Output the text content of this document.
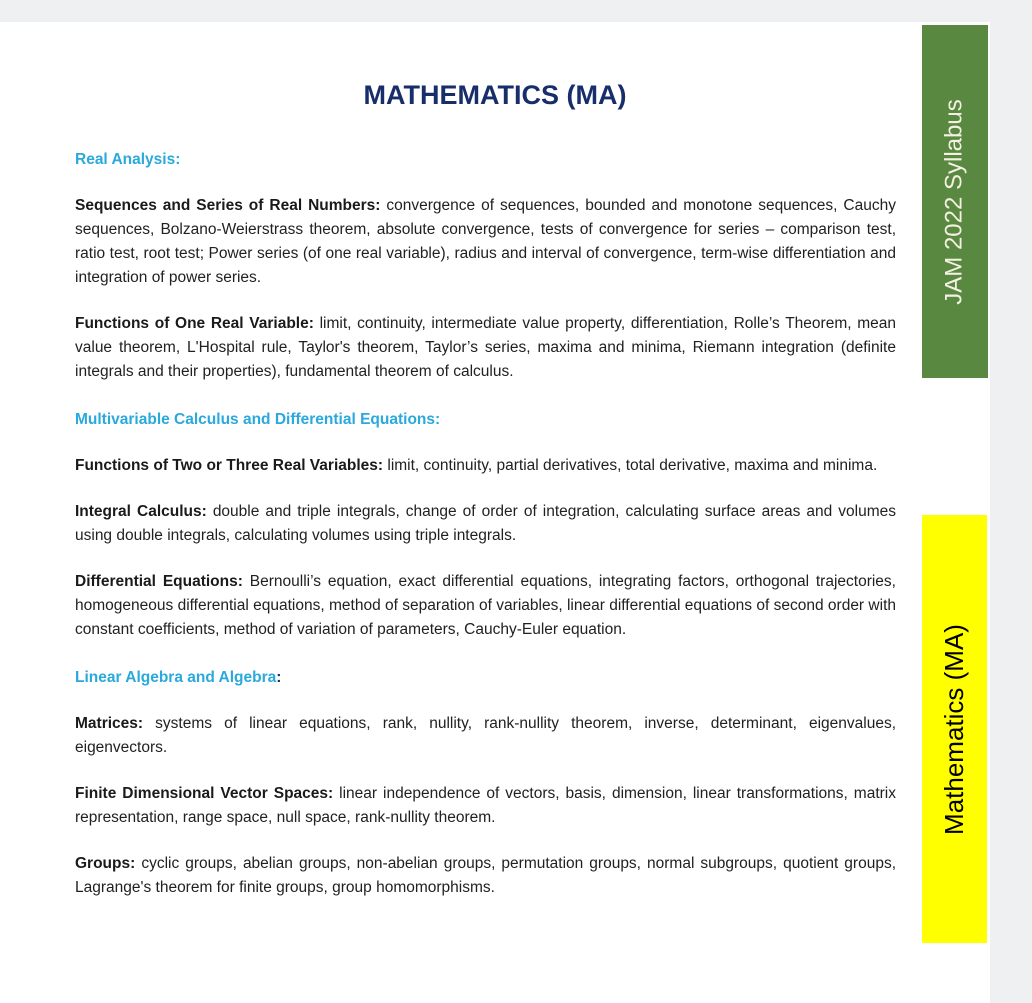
MATHEMATICS (MA)
Real Analysis:

Sequences and Series of Real Numbers: convergence of sequences, bounded and monotone sequences, Cauchy sequences, Bolzano-Weierstrass theorem, absolute convergence, tests of convergence for series – comparison test, ratio test, root test; Power series (of one real variable), radius and interval of convergence, term-wise differentiation and integration of power series.

Functions of One Real Variable: limit, continuity, intermediate value property, differentiation, Rolle’s Theorem, mean value theorem, L'Hospital rule, Taylor's theorem, Taylor’s series, maxima and minima, Riemann integration (definite integrals and their properties), fundamental theorem of calculus.

Multivariable Calculus and Differential Equations:

Functions of Two or Three Real Variables: limit, continuity, partial derivatives, total derivative, maxima and minima.

Integral Calculus: double and triple integrals, change of order of integration, calculating surface areas and volumes using double integrals, calculating volumes using triple integrals.

Differential Equations: Bernoulli’s equation, exact differential equations, integrating factors, orthogonal trajectories, homogeneous differential equations, method of separation of variables, linear differential equations of second order with constant coefficients, method of variation of parameters, Cauchy-Euler equation.

Linear Algebra and Algebra:

Matrices: systems of linear equations, rank, nullity, rank-nullity theorem, inverse, determinant, eigenvalues, eigenvectors.

Finite Dimensional Vector Spaces: linear independence of vectors, basis, dimension, linear transformations, matrix representation, range space, null space, rank-nullity theorem.

Groups: cyclic groups, abelian groups, non-abelian groups, permutation groups, normal subgroups, quotient groups, Lagrange's theorem for finite groups, group homomorphisms.

JAM 2022 Syllabus
Mathematics (MA)
